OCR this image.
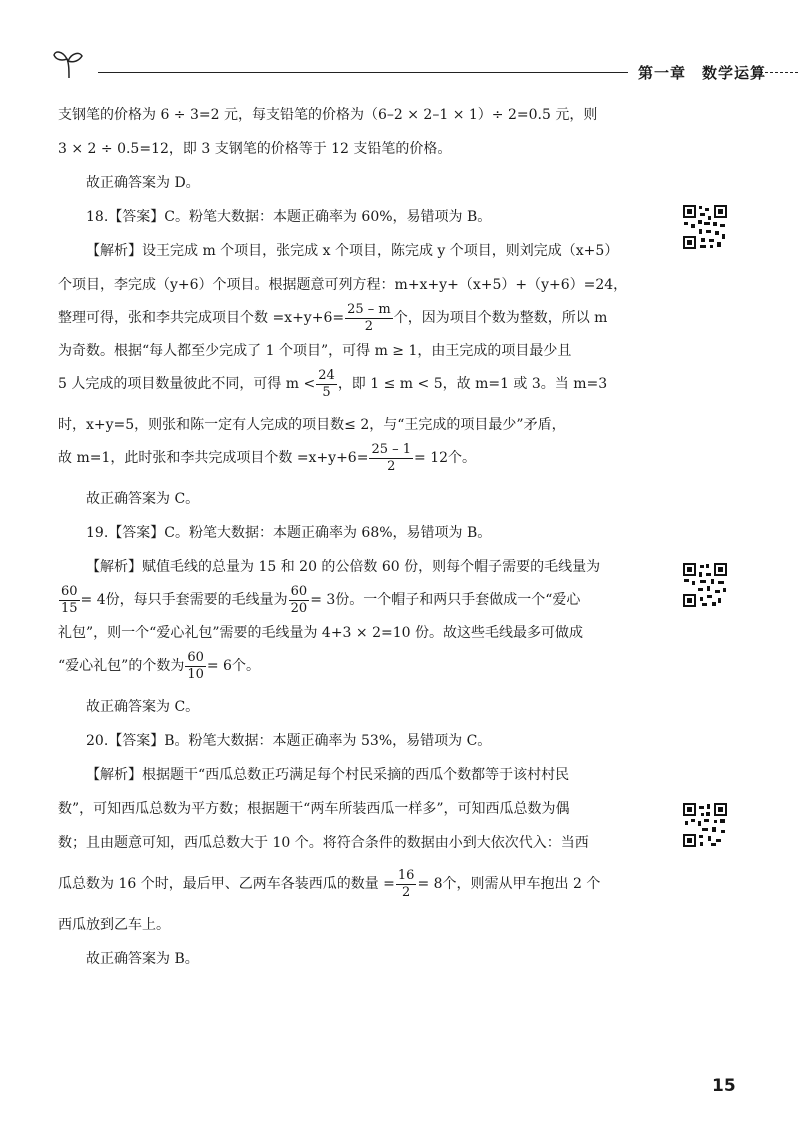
第一章　数学运算
支钢笔的价格为 6 ÷ 3=2 元，每支铅笔的价格为（6–2 × 2–1 × 1）÷ 2=0.5 元，则
3 × 2 ÷ 0.5=12，即 3 支钢笔的价格等于 12 支铅笔的价格。
故正确答案为 D。
18.【答案】C。粉笔大数据：本题正确率为 60%，易错项为 B。
【解析】设王完成 m 个项目，张完成 x 个项目，陈完成 y 个项目，则刘完成（x+5）
个项目，李完成（y+6）个项目。根据题意可列方程：m+x+y+（x+5）+（y+6）=24，
整理可得，张和李共完成项目个数 $=x+y+6= \frac{25 - m}{2}$ 个，因为项目个数为整数，所以 m
为奇数。根据“每人都至少完成了 1 个项目”，可得 m ≥ 1，由王完成的项目最少且
5 人完成的项目数量彼此不同，可得 $m < \frac{24}{5}$ ，即 1 ≤ m < 5，故 m=1 或 3。当 m=3
时，x+y=5，则张和陈一定有人完成的项目数≤ 2，与“王完成的项目最少”矛盾，
故 m=1，此时张和李共完成项目个数 $=x+y+6= \frac{25 - 1}{2} = 12$个。
故正确答案为 C。
19.【答案】C。粉笔大数据：本题正确率为 68%，易错项为 B。
【解析】赋值毛线的总量为 15 和 20 的公倍数 60 份，则每个帽子需要的毛线量为
$\frac{60}{15} = 4$份，每只手套需要的毛线量为 $\frac{60}{20} = 3$份。一个帽子和两只手套做成一个“爱心
礼包”，则一个“爱心礼包”需要的毛线量为 4+3 × 2=10 份。故这些毛线最多可做成
“爱心礼包”的个数为 $\frac{60}{10} = 6$个。
故正确答案为 C。
20.【答案】B。粉笔大数据：本题正确率为 53%，易错项为 C。
【解析】根据题干“西瓜总数正巧满足每个村民采摘的西瓜个数都等于该村村民
数”，可知西瓜总数为平方数；根据题干“两车所装西瓜一样多”，可知西瓜总数为偶
数；且由题意可知，西瓜总数大于 10 个。将符合条件的数据由小到大依次代入：当西
瓜总数为 16 个时，最后甲、乙两车各装西瓜的数量 = $\frac{16}{2} = 8$个，则需从甲车抱出 2 个
西瓜放到乙车上。
故正确答案为 B。
15
